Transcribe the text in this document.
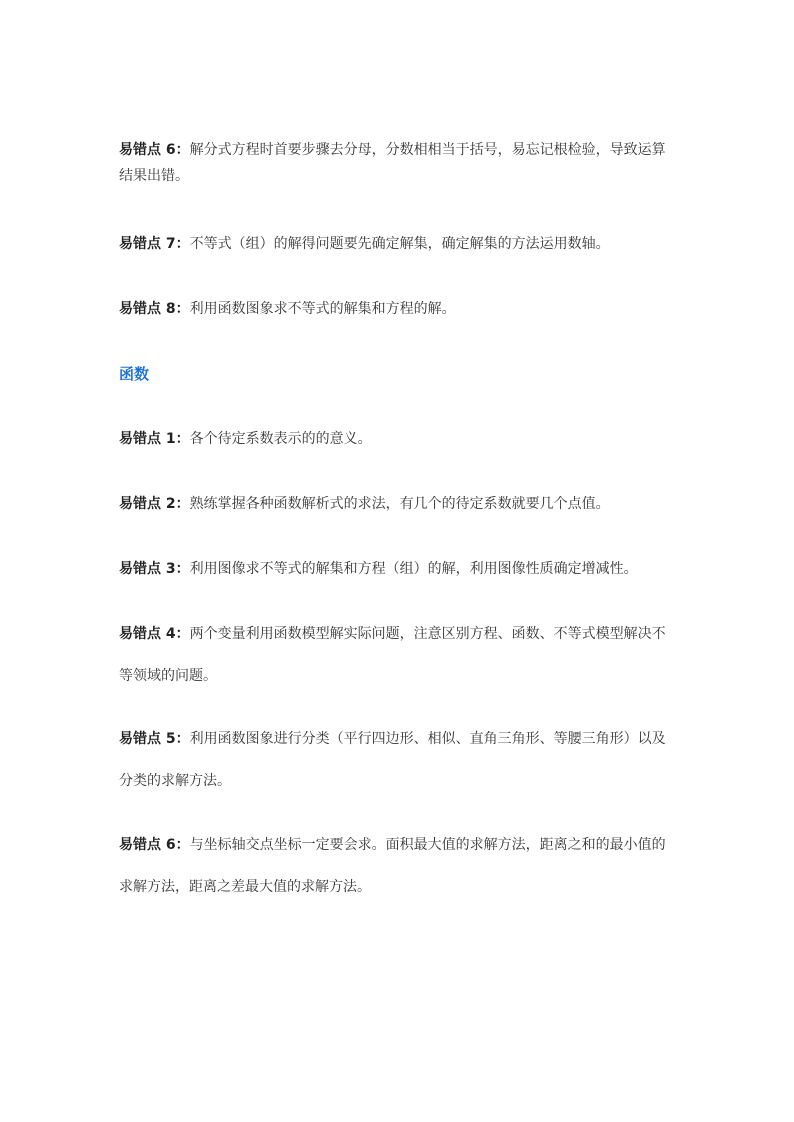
易错点 6：解分式方程时首要步骤去分母，分数相相当于括号，易忘记根检验，导致运算结果出错。

易错点 7：不等式（组）的解得问题要先确定解集，确定解集的方法运用数轴。

易错点 8：利用函数图象求不等式的解集和方程的解。

函数

易错点 1：各个待定系数表示的的意义。

易错点 2：熟练掌握各种函数解析式的求法，有几个的待定系数就要几个点值。

易错点 3：利用图像求不等式的解集和方程（组）的解，利用图像性质确定增减性。

易错点 4：两个变量利用函数模型解实际问题，注意区别方程、函数、不等式模型解决不等领域的问题。

易错点 5：利用函数图象进行分类（平行四边形、相似、直角三角形、等腰三角形）以及分类的求解方法。

易错点 6：与坐标轴交点坐标一定要会求。面积最大值的求解方法，距离之和的最小值的求解方法，距离之差最大值的求解方法。
